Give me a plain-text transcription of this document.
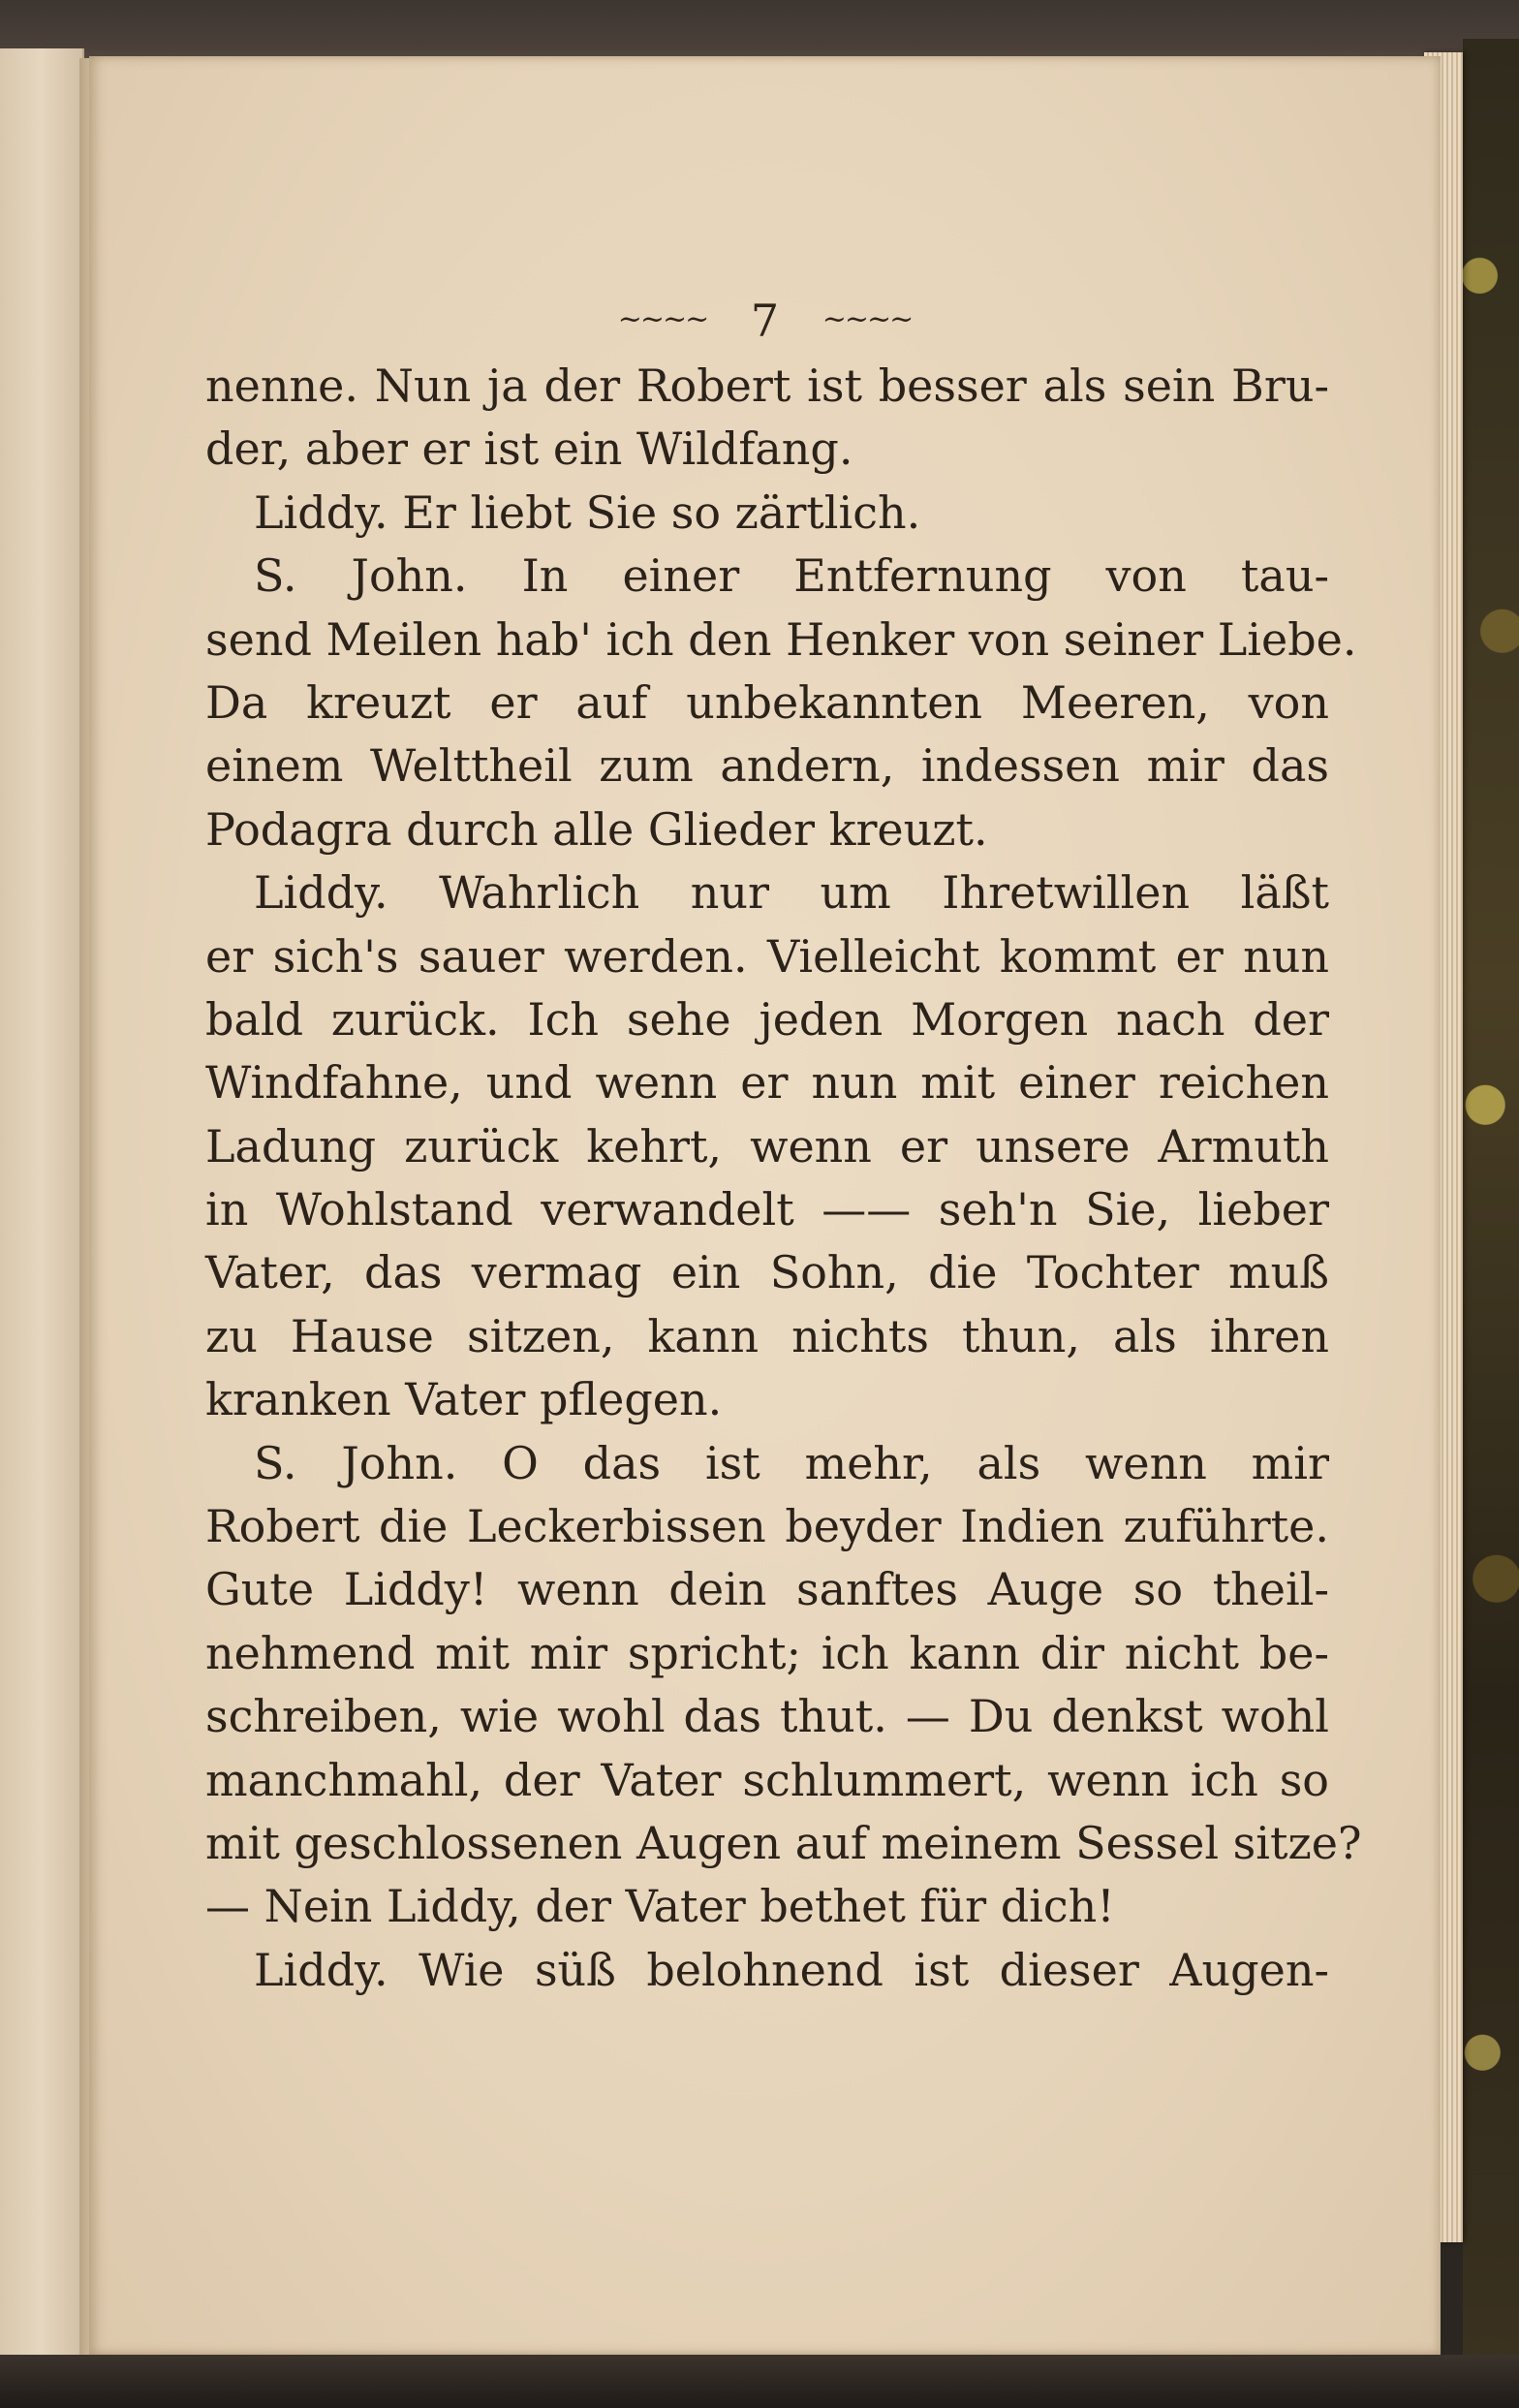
~~~~ 7 ~~~~
nenne. Nun ja der Robert ist besser als sein Bru-
der, aber er ist ein Wildfang.
Liddy. Er liebt Sie so zärtlich.
S. John. In einer Entfernung von tau-
send Meilen hab' ich den Henker von seiner Liebe.
Da kreuzt er auf unbekannten Meeren, von
einem Welttheil zum andern, indessen mir das
Podagra durch alle Glieder kreuzt.
Liddy. Wahrlich nur um Ihretwillen läßt
er sich's sauer werden. Vielleicht kommt er nun
bald zurück. Ich sehe jeden Morgen nach der
Windfahne, und wenn er nun mit einer reichen
Ladung zurück kehrt, wenn er unsere Armuth
in Wohlstand verwandelt —— seh'n Sie, lieber
Vater, das vermag ein Sohn, die Tochter muß
zu Hause sitzen, kann nichts thun, als ihren
kranken Vater pflegen.
S. John. O das ist mehr, als wenn mir
Robert die Leckerbissen beyder Indien zuführte.
Gute Liddy! wenn dein sanftes Auge so theil-
nehmend mit mir spricht; ich kann dir nicht be-
schreiben, wie wohl das thut. — Du denkst wohl
manchmahl, der Vater schlummert, wenn ich so
mit geschlossenen Augen auf meinem Sessel sitze?
— Nein Liddy, der Vater bethet für dich!
Liddy. Wie süß belohnend ist dieser Augen-
